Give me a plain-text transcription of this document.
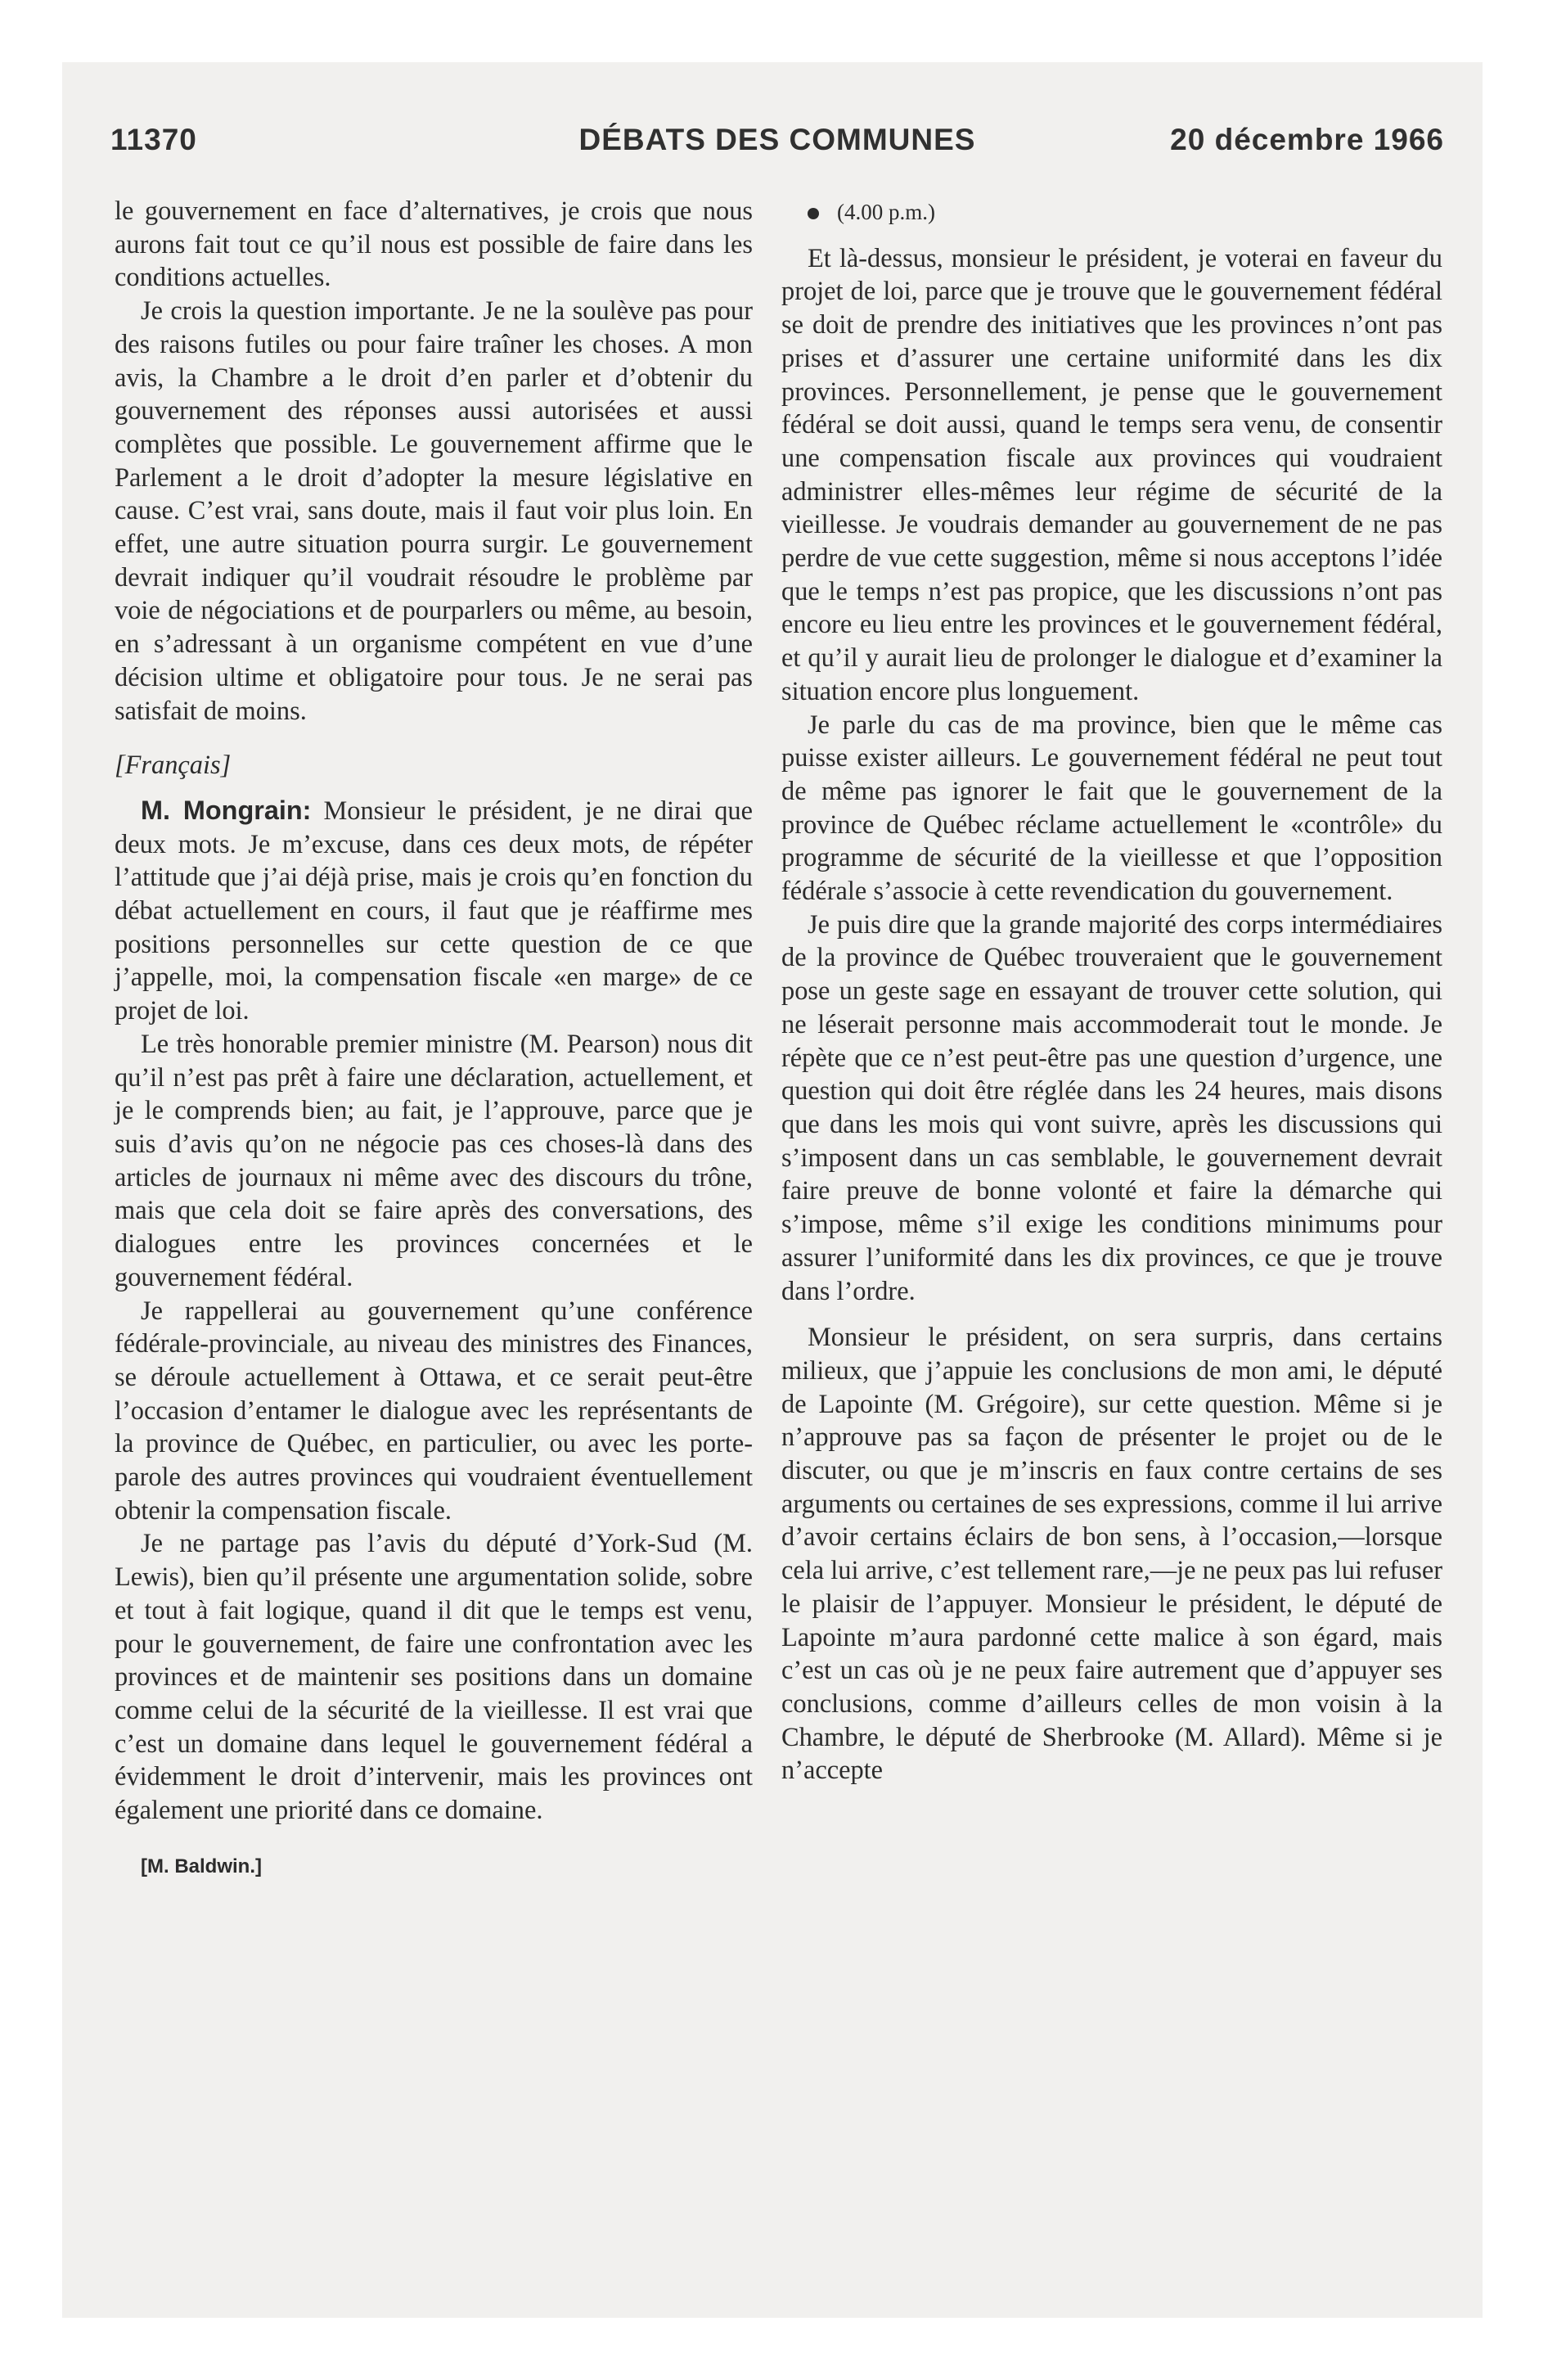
11370	DÉBATS DES COMMUNES	20 décembre 1966

le gouvernement en face d’alternatives, je crois que nous aurons fait tout ce qu’il nous est possible de faire dans les conditions actuelles.

Je crois la question importante. Je ne la soulève pas pour des raisons futiles ou pour faire traîner les choses. A mon avis, la Chambre a le droit d’en parler et d’obtenir du gouvernement des réponses aussi autorisées et aussi complètes que possible. Le gouvernement affirme que le Parlement a le droit d’adopter la mesure législative en cause. C’est vrai, sans doute, mais il faut voir plus loin. En effet, une autre situation pourra surgir. Le gouvernement devrait indiquer qu’il voudrait résoudre le problème par voie de négociations et de pourparlers ou même, au besoin, en s’adressant à un organisme compétent en vue d’une décision ultime et obligatoire pour tous. Je ne serai pas satisfait de moins.

[Français]

M. Mongrain: Monsieur le président, je ne dirai que deux mots. Je m’excuse, dans ces deux mots, de répéter l’attitude que j’ai déjà prise, mais je crois qu’en fonction du débat actuellement en cours, il faut que je réaffirme mes positions personnelles sur cette question de ce que j’appelle, moi, la compensation fiscale «en marge» de ce projet de loi.

Le très honorable premier ministre (M. Pearson) nous dit qu’il n’est pas prêt à faire une déclaration, actuellement, et je le comprends bien; au fait, je l’approuve, parce que je suis d’avis qu’on ne négocie pas ces choses-là dans des articles de journaux ni même avec des discours du trône, mais que cela doit se faire après des conversations, des dialogues entre les provinces concernées et le gouvernement fédéral.

Je rappellerai au gouvernement qu’une conférence fédérale-provinciale, au niveau des ministres des Finances, se déroule actuellement à Ottawa, et ce serait peut-être l’occasion d’entamer le dialogue avec les représentants de la province de Québec, en particulier, ou avec les porte-parole des autres provinces qui voudraient éventuellement obtenir la compensation fiscale.

Je ne partage pas l’avis du député d’York-Sud (M. Lewis), bien qu’il présente une argumentation solide, sobre et tout à fait logique, quand il dit que le temps est venu, pour le gouvernement, de faire une confrontation avec les provinces et de maintenir ses positions dans un domaine comme celui de la sécurité de la vieillesse. Il est vrai que c’est un domaine dans lequel le gouvernement fédéral a évidemment le droit d’intervenir, mais les provinces ont également une priorité dans ce domaine.

[M. Baldwin.]

(4.00 p.m.)

Et là-dessus, monsieur le président, je voterai en faveur du projet de loi, parce que je trouve que le gouvernement fédéral se doit de prendre des initiatives que les provinces n’ont pas prises et d’assurer une certaine uniformité dans les dix provinces. Personnellement, je pense que le gouvernement fédéral se doit aussi, quand le temps sera venu, de consentir une compensation fiscale aux provinces qui voudraient administrer elles-mêmes leur régime de sécurité de la vieillesse. Je voudrais demander au gouvernement de ne pas perdre de vue cette suggestion, même si nous acceptons l’idée que le temps n’est pas propice, que les discussions n’ont pas encore eu lieu entre les provinces et le gouvernement fédéral, et qu’il y aurait lieu de prolonger le dialogue et d’examiner la situation encore plus longuement.

Je parle du cas de ma province, bien que le même cas puisse exister ailleurs. Le gouvernement fédéral ne peut tout de même pas ignorer le fait que le gouvernement de la province de Québec réclame actuellement le «contrôle» du programme de sécurité de la vieillesse et que l’opposition fédérale s’associe à cette revendication du gouvernement.

Je puis dire que la grande majorité des corps intermédiaires de la province de Québec trouveraient que le gouvernement pose un geste sage en essayant de trouver cette solution, qui ne léserait personne mais accommoderait tout le monde. Je répète que ce n’est peut-être pas une question d’urgence, une question qui doit être réglée dans les 24 heures, mais disons que dans les mois qui vont suivre, après les discussions qui s’imposent dans un cas semblable, le gouvernement devrait faire preuve de bonne volonté et faire la démarche qui s’impose, même s’il exige les conditions minimums pour assurer l’uniformité dans les dix provinces, ce que je trouve dans l’ordre.

Monsieur le président, on sera surpris, dans certains milieux, que j’appuie les conclusions de mon ami, le député de Lapointe (M. Grégoire), sur cette question. Même si je n’approuve pas sa façon de présenter le projet ou de le discuter, ou que je m’inscris en faux contre certains de ses arguments ou certaines de ses expressions, comme il lui arrive d’avoir certains éclairs de bon sens, à l’occasion,—lorsque cela lui arrive, c’est tellement rare,—je ne peux pas lui refuser le plaisir de l’appuyer. Monsieur le président, le député de Lapointe m’aura pardonné cette malice à son égard, mais c’est un cas où je ne peux faire autrement que d’appuyer ses conclusions, comme d’ailleurs celles de mon voisin à la Chambre, le député de Sherbrooke (M. Allard). Même si je n’accepte
